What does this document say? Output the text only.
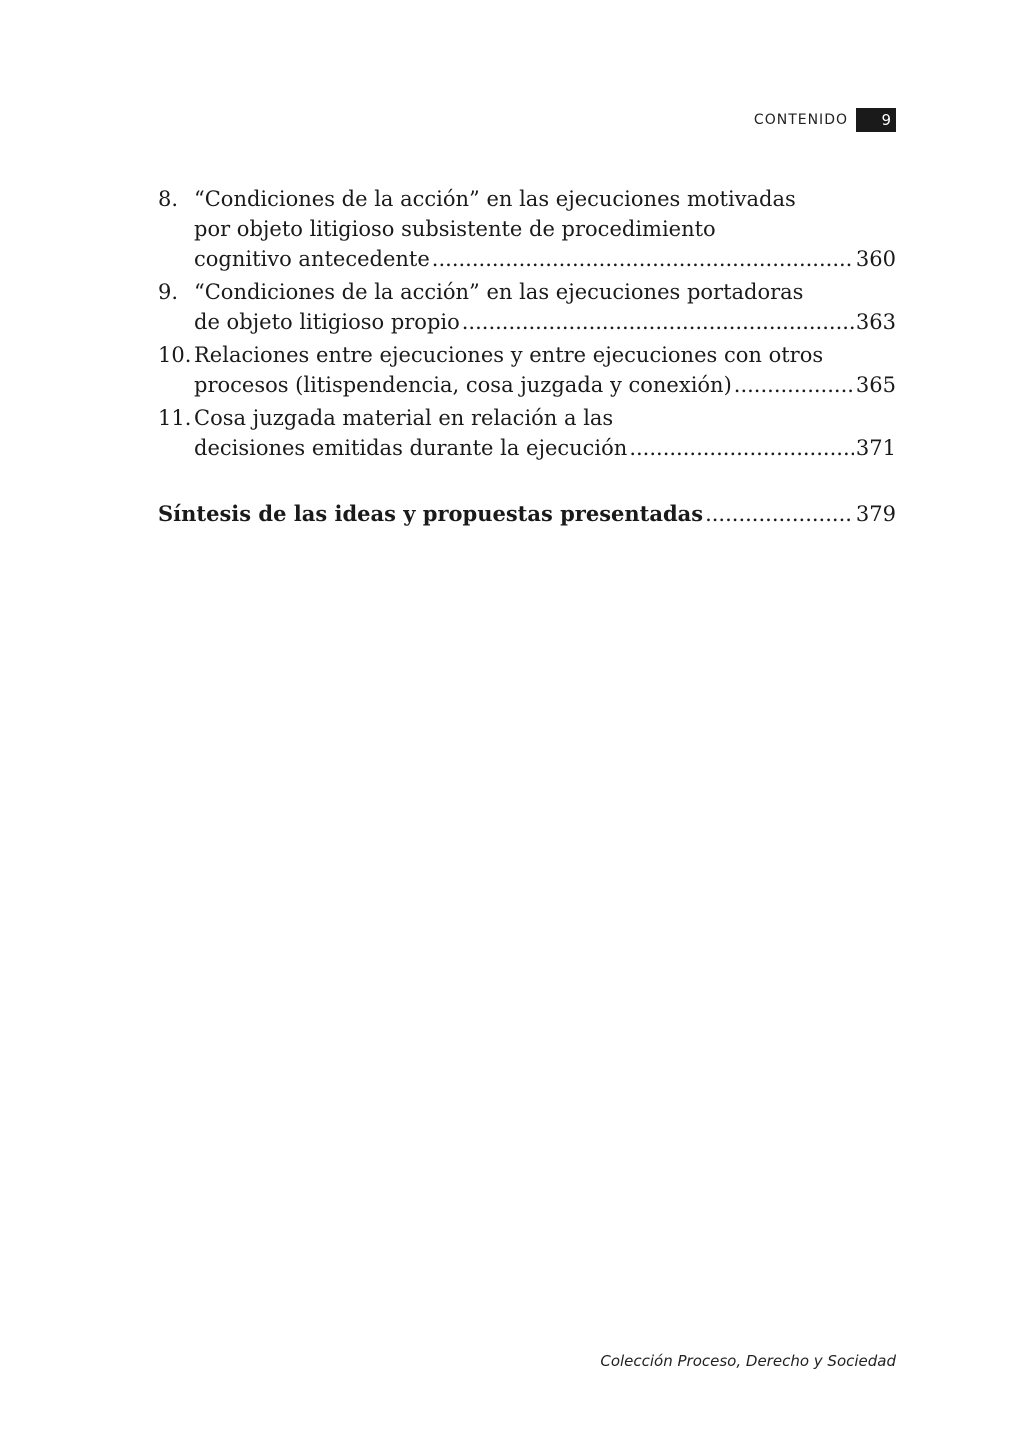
CONTENIDO	9
8. “Condiciones de la acción” en las ejecuciones motivadas
por objeto litigioso subsistente de procedimiento
cognitivo antecedente .....	360
9. “Condiciones de la acción” en las ejecuciones portadoras
de objeto litigioso propio .....	363
10. Relaciones entre ejecuciones y entre ejecuciones con otros
procesos (litispendencia, cosa juzgada y conexión) .....	365
11. Cosa juzgada material en relación a las
decisiones emitidas durante la ejecución .....	371
Síntesis de las ideas y propuestas presentadas .....	379
Colección Proceso, Derecho y Sociedad
